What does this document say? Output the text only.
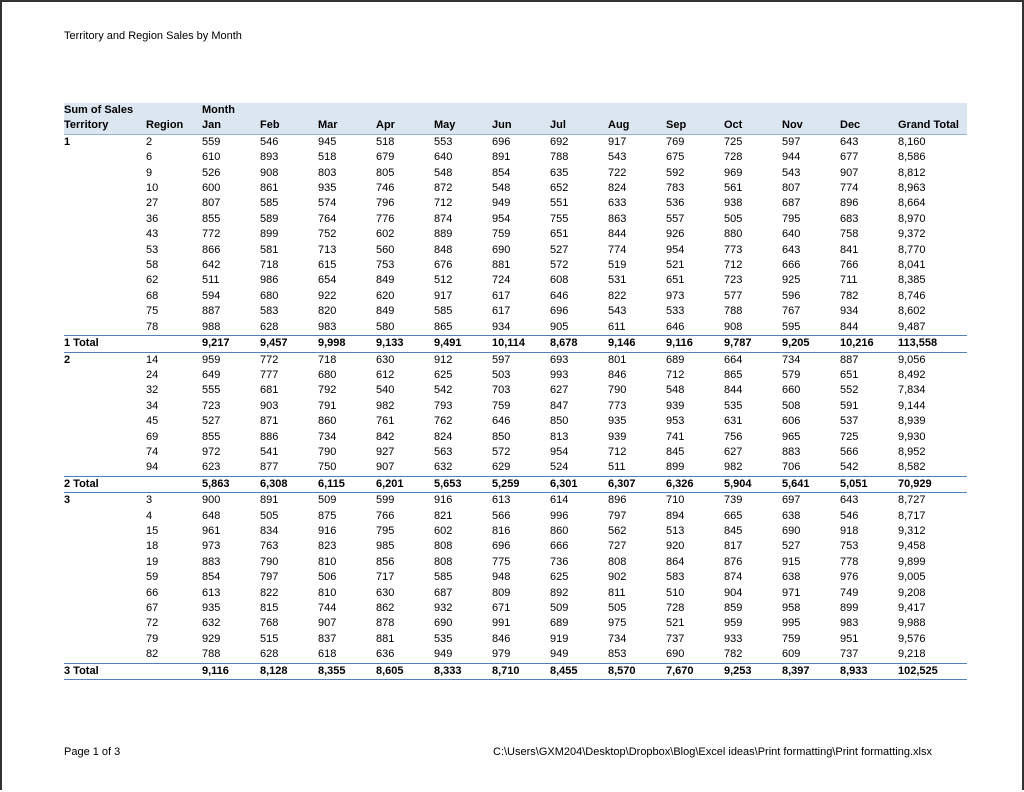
Territory and Region Sales by Month
Sum of Sales		Month												
Territory	Region	Jan	Feb	Mar	Apr	May	Jun	Jul	Aug	Sep	Oct	Nov	Dec	Grand Total
1	2	559	546	945	518	553	696	692	917	769	725	597	643	8,160
	6	610	893	518	679	640	891	788	543	675	728	944	677	8,586
	9	526	908	803	805	548	854	635	722	592	969	543	907	8,812
	10	600	861	935	746	872	548	652	824	783	561	807	774	8,963
	27	807	585	574	796	712	949	551	633	536	938	687	896	8,664
	36	855	589	764	776	874	954	755	863	557	505	795	683	8,970
	43	772	899	752	602	889	759	651	844	926	880	640	758	9,372
	53	866	581	713	560	848	690	527	774	954	773	643	841	8,770
	58	642	718	615	753	676	881	572	519	521	712	666	766	8,041
	62	511	986	654	849	512	724	608	531	651	723	925	711	8,385
	68	594	680	922	620	917	617	646	822	973	577	596	782	8,746
	75	887	583	820	849	585	617	696	543	533	788	767	934	8,602
	78	988	628	983	580	865	934	905	611	646	908	595	844	9,487
1 Total		9,217	9,457	9,998	9,133	9,491	10,114	8,678	9,146	9,116	9,787	9,205	10,216	113,558
2	14	959	772	718	630	912	597	693	801	689	664	734	887	9,056
	24	649	777	680	612	625	503	993	846	712	865	579	651	8,492
	32	555	681	792	540	542	703	627	790	548	844	660	552	7,834
	34	723	903	791	982	793	759	847	773	939	535	508	591	9,144
	45	527	871	860	761	762	646	850	935	953	631	606	537	8,939
	69	855	886	734	842	824	850	813	939	741	756	965	725	9,930
	74	972	541	790	927	563	572	954	712	845	627	883	566	8,952
	94	623	877	750	907	632	629	524	511	899	982	706	542	8,582
2 Total		5,863	6,308	6,115	6,201	5,653	5,259	6,301	6,307	6,326	5,904	5,641	5,051	70,929
3	3	900	891	509	599	916	613	614	896	710	739	697	643	8,727
	4	648	505	875	766	821	566	996	797	894	665	638	546	8,717
	15	961	834	916	795	602	816	860	562	513	845	690	918	9,312
	18	973	763	823	985	808	696	666	727	920	817	527	753	9,458
	19	883	790	810	856	808	775	736	808	864	876	915	778	9,899
	59	854	797	506	717	585	948	625	902	583	874	638	976	9,005
	66	613	822	810	630	687	809	892	811	510	904	971	749	9,208
	67	935	815	744	862	932	671	509	505	728	859	958	899	9,417
	72	632	768	907	878	690	991	689	975	521	959	995	983	9,988
	79	929	515	837	881	535	846	919	734	737	933	759	951	9,576
	82	788	628	618	636	949	979	949	853	690	782	609	737	9,218
3 Total		9,116	8,128	8,355	8,605	8,333	8,710	8,455	8,570	7,670	9,253	8,397	8,933	102,525
Page 1 of 3	C:\Users\GXM204\Desktop\Dropbox\Blog\Excel ideas\Print formatting\Print formatting.xlsx
